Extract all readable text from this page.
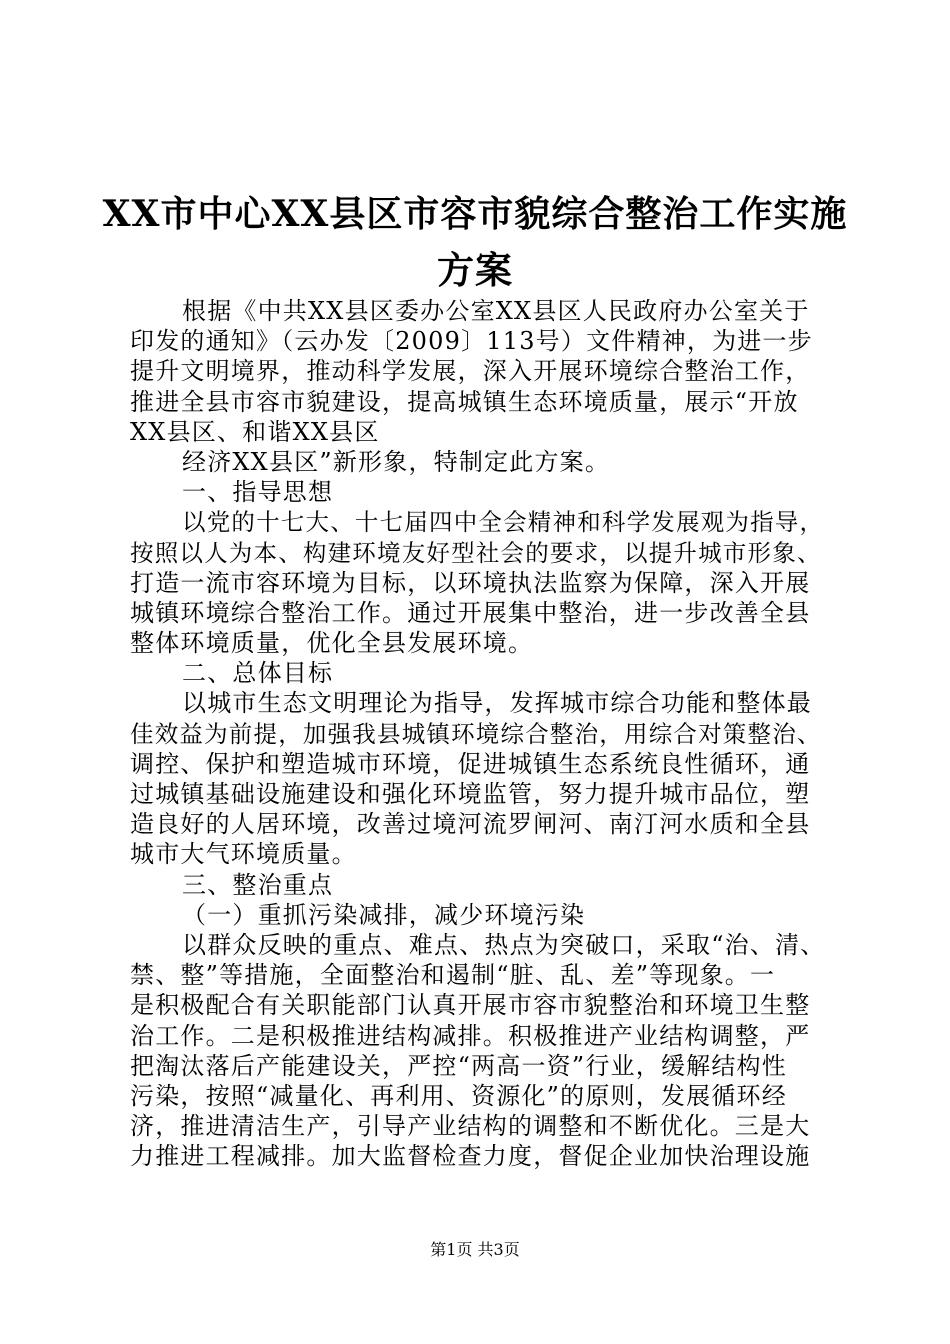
XX市中心XX县区市容市貌综合整治工作实施
方案
根据《中共XX县区委办公室XX县区人民政府办公室关于
印发的通知》（云办发〔2009〕113号）文件精神，为进一步
提升文明境界，推动科学发展，深入开展环境综合整治工作，
推进全县市容市貌建设，提高城镇生态环境质量，展示“开放
XX县区、和谐XX县区
经济XX县区”新形象，特制定此方案。
一、指导思想
以党的十七大、十七届四中全会精神和科学发展观为指导，
按照以人为本、构建环境友好型社会的要求，以提升城市形象、
打造一流市容环境为目标，以环境执法监察为保障，深入开展
城镇环境综合整治工作。通过开展集中整治，进一步改善全县
整体环境质量，优化全县发展环境。
二、总体目标
以城市生态文明理论为指导，发挥城市综合功能和整体最
佳效益为前提，加强我县城镇环境综合整治，用综合对策整治、
调控、保护和塑造城市环境，促进城镇生态系统良性循环，通
过城镇基础设施建设和强化环境监管，努力提升城市品位，塑
造良好的人居环境，改善过境河流罗闸河、南汀河水质和全县
城市大气环境质量。
三、整治重点
（一）重抓污染减排，减少环境污染
以群众反映的重点、难点、热点为突破口，采取“治、清、
禁、整”等措施，全面整治和遏制“脏、乱、差”等现象。一
是积极配合有关职能部门认真开展市容市貌整治和环境卫生整
治工作。二是积极推进结构减排。积极推进产业结构调整，严
把淘汰落后产能建设关，严控“两高一资”行业，缓解结构性
污染，按照“减量化、再利用、资源化”的原则，发展循环经
济，推进清洁生产，引导产业结构的调整和不断优化。三是大
力推进工程减排。加大监督检查力度，督促企业加快治理设施
第1页 共3页
